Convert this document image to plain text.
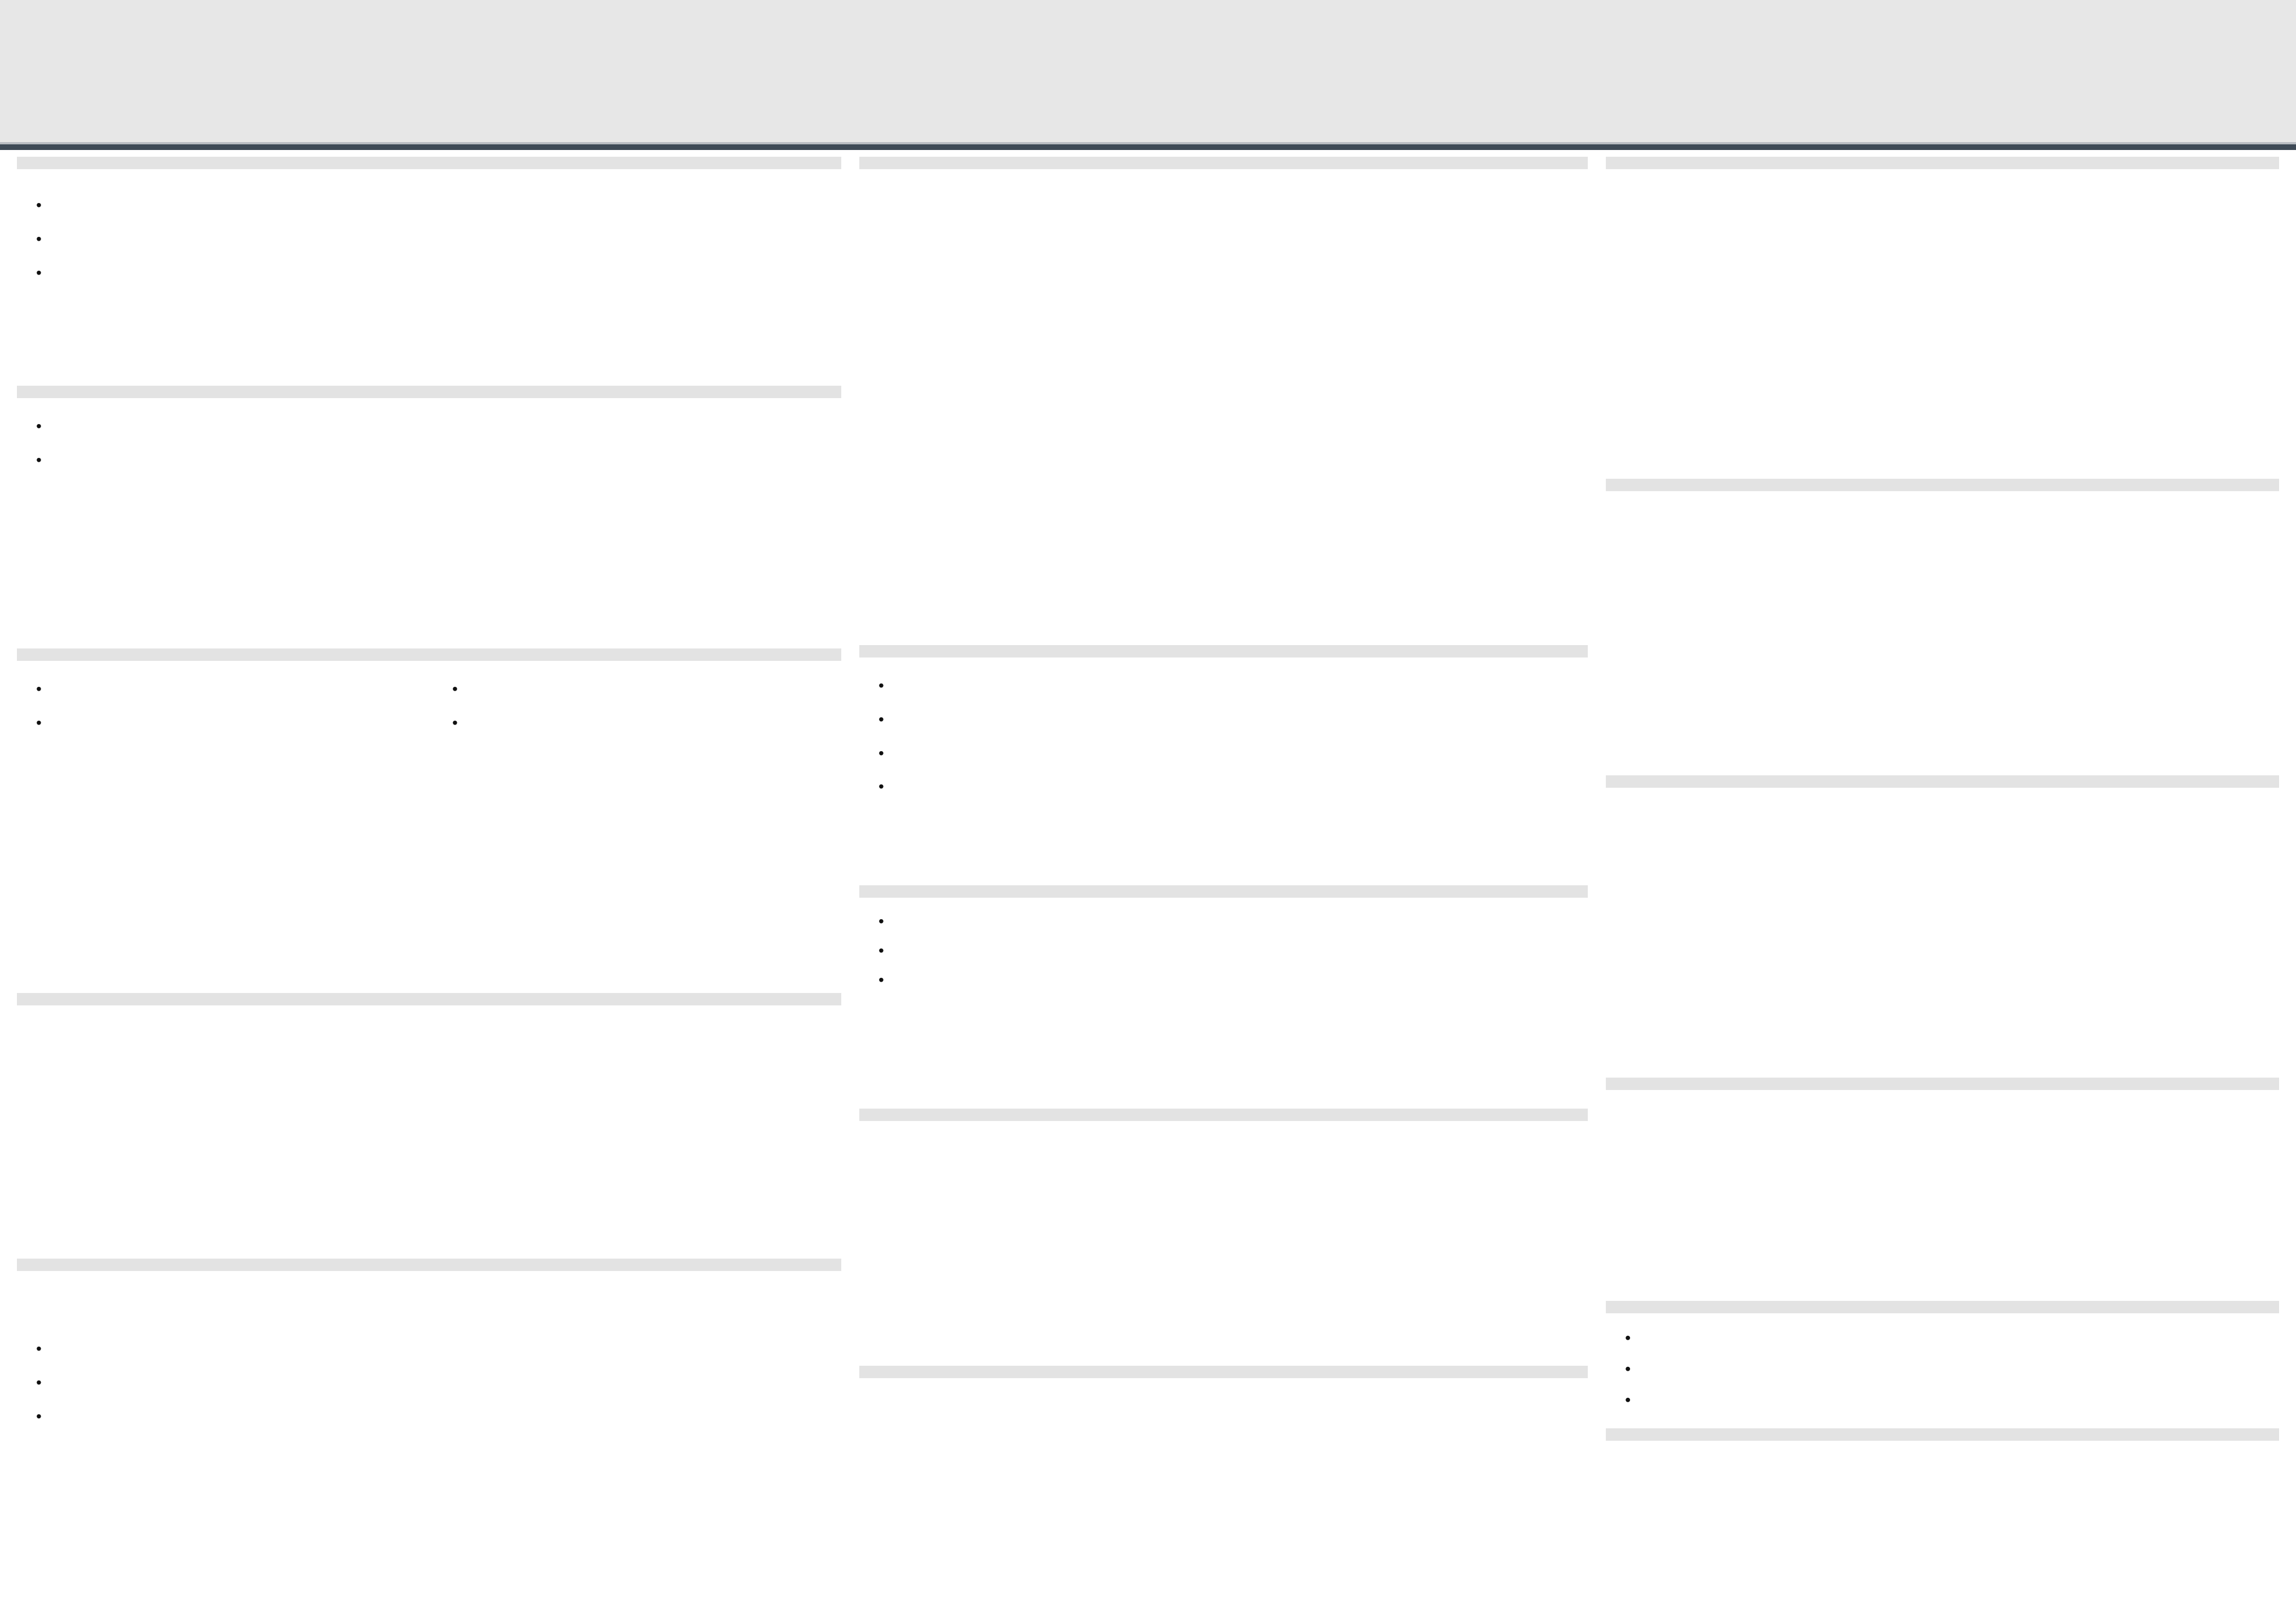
•
•
•
•
•

•
•
•
•

•
•
•
•
•
•
•
•
•
•
•
•
•
